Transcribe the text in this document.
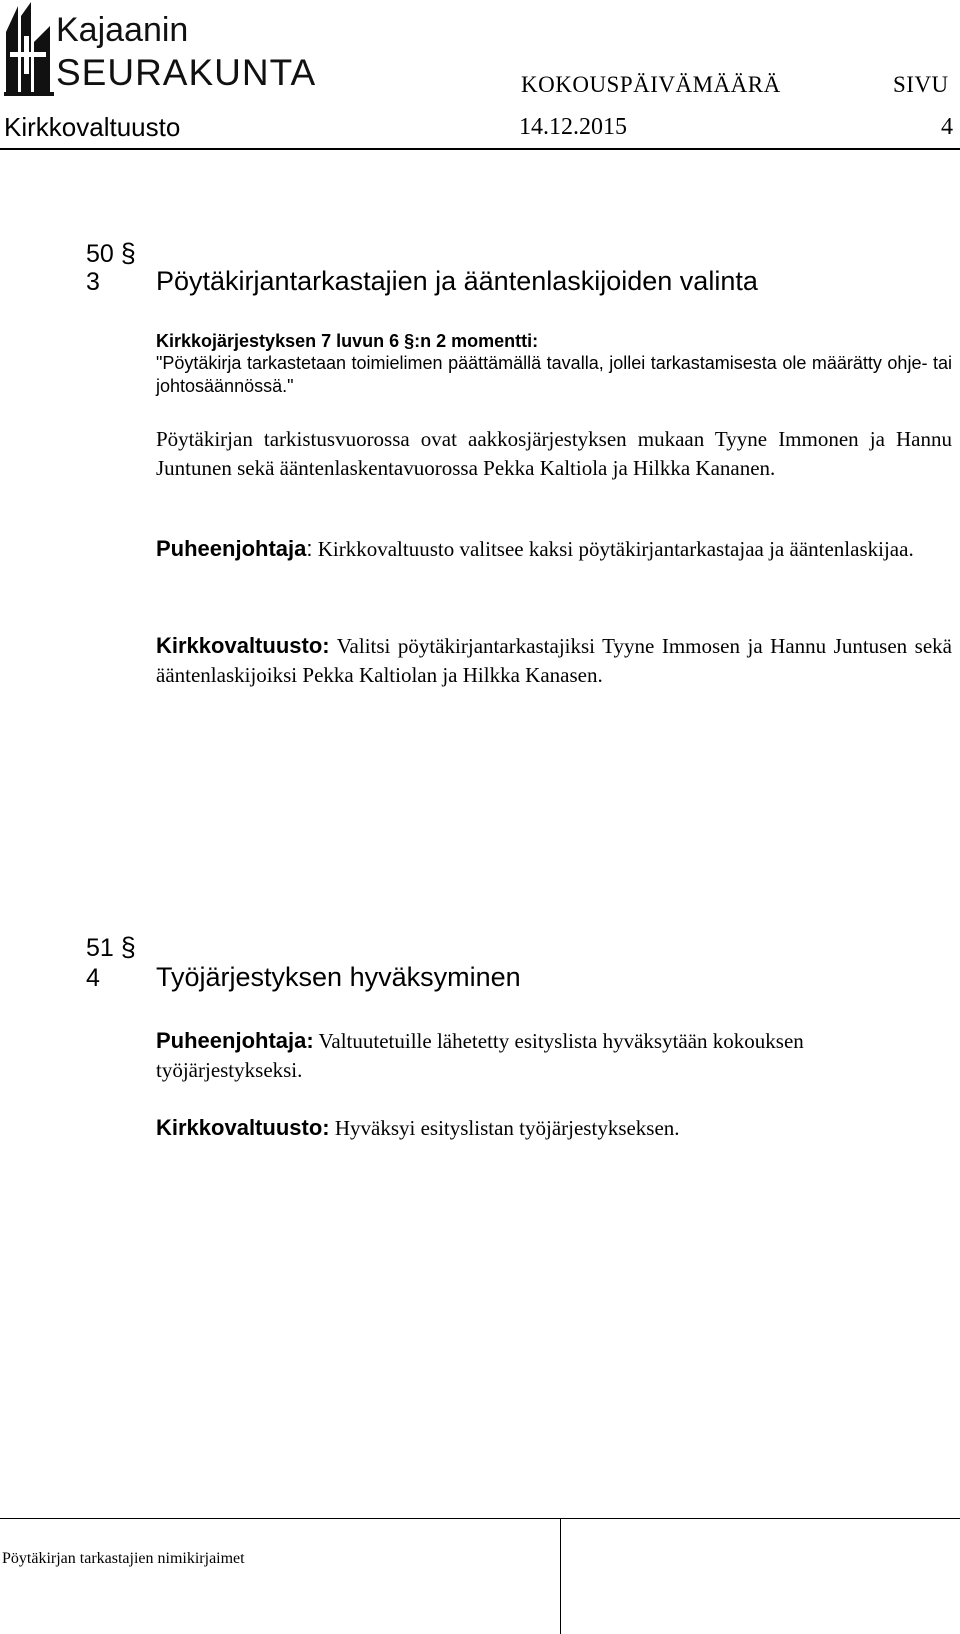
Kajaanin
SEURAKUNTA	KOKOUSPÄIVÄMÄÄRÄ	SIVU
Kirkkovaltuusto	14.12.2015	4
50 §
3 Pöytäkirjantarkastajien ja ääntenlaskijoiden valinta
Kirkkojärjestyksen 7 luvun 6 §:n 2 momentti:
"Pöytäkirja tarkastetaan toimielimen päättämällä tavalla, jollei tarkastamisesta ole määrätty ohje- tai johtosäännössä."
Pöytäkirjan tarkistusvuorossa ovat aakkosjärjestyksen mukaan Tyyne Immonen ja Hannu Juntunen sekä ääntenlaskentavuorossa Pekka Kaltiola ja Hilkka Kananen.
Puheenjohtaja: Kirkkovaltuusto valitsee kaksi pöytäkirjantarkastajaa ja ääntenlaskijaa.
Kirkkovaltuusto: Valitsi pöytäkirjantarkastajiksi Tyyne Immosen ja Hannu Juntusen sekä ääntenlaskijoiksi Pekka Kaltiolan ja Hilkka Kanasen.
51 §
4 Työjärjestyksen hyväksyminen
Puheenjohtaja: Valtuutetuille lähetetty esityslista hyväksytään kokouksen työjärjestykseksi.
Kirkkovaltuusto: Hyväksyi esityslistan työjärjestykseksen.
Pöytäkirjan tarkastajien nimikirjaimet
